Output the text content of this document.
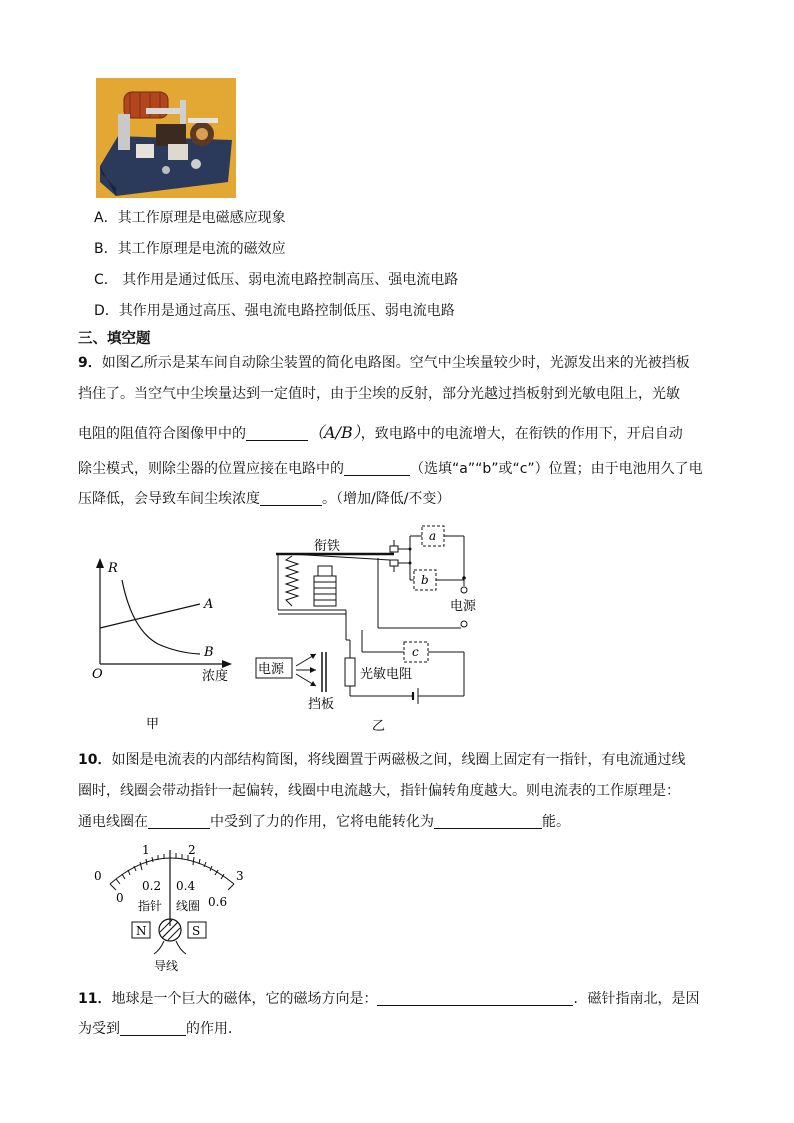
A．其工作原理是电磁感应现象
B．其工作原理是电流的磁效应
C． 其作用是通过低压、弱电流电路控制高压、强电流电路
D．其作用是通过高压、强电流电路控制低压、弱电流电路
三、填空题
9．如图乙所示是某车间自动除尘装置的简化电路图。空气中尘埃量较少时，光源发出来的光被挡板
挡住了。当空气中尘埃量达到一定值时，由于尘埃的反射，部分光越过挡板射到光敏电阻上，光敏
电阻的阻值符合图像甲中的	（A/B），致电路中的电流增大，在衔铁的作用下，开启自动
除尘模式，则除尘器的位置应接在电路中的	（选填“a”“b”或“c”）位置；由于电池用久了电
压降低，会导致车间尘埃浓度	。（增加/降低/不变）
R
A
B
O	浓度
甲
衔铁
a
b
c
电源
电源	光敏电阻
挡板
乙
10．如图是电流表的内部结构简图，将线圈置于两磁极之间，线圈上固定有一指针，有电流通过线
圈时，线圈会带动指针一起偏转，线圈中电流越大，指针偏转角度越大。则电流表的工作原理是：
通电线圈在	中受到了力的作用，它将电能转化为	能。
0
1	2
3
0
0.2 0.4
0.6
指针 线圈
N	S
导线
11．地球是一个巨大的磁体，它的磁场方向是：	．磁针指南北，是因
为受到	的作用．
